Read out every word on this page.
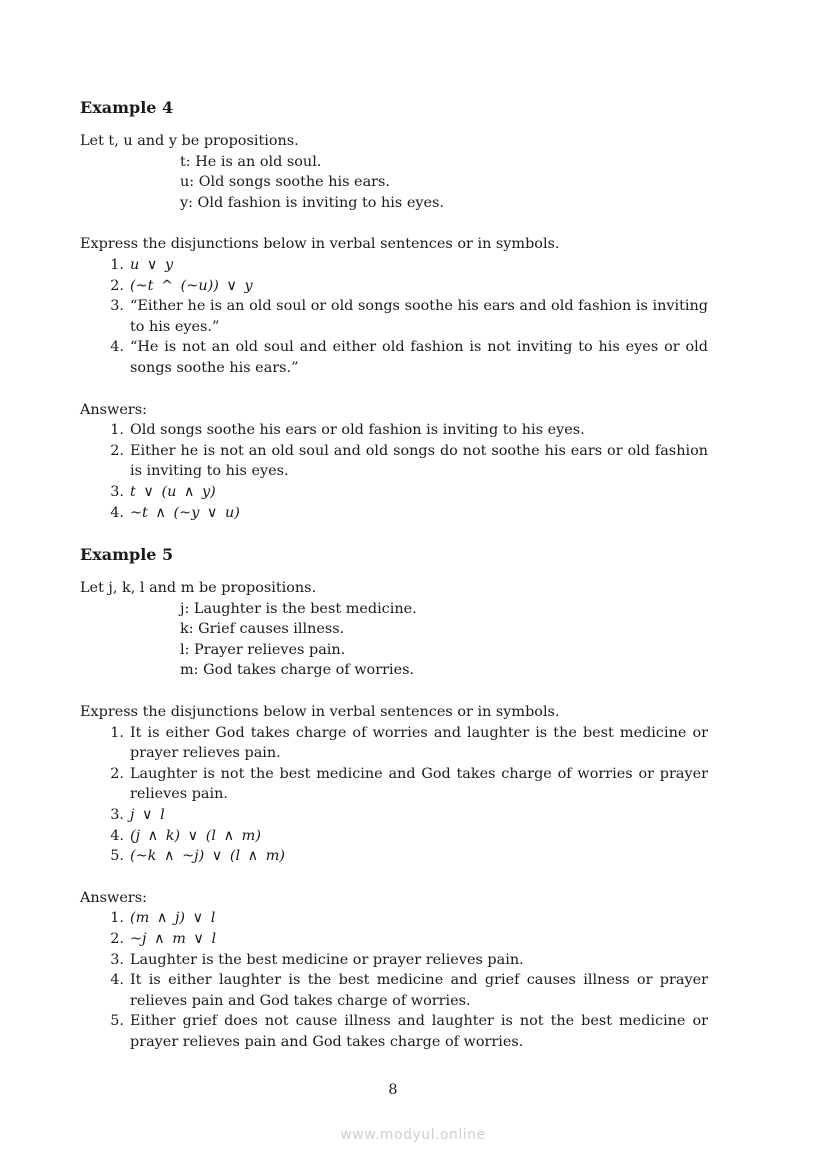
Example 4

Let t, u and y be propositions.

t: He is an old soul.

u: Old songs soothe his ears.

y: Old fashion is inviting to his eyes.

Express the disjunctions below in verbal sentences or in symbols.

1. u ∨ y
2. (~t ^ (~u)) ∨ y
3. “Either he is an old soul or old songs soothe his ears and old fashion is inviting to his eyes.”
4. “He is not an old soul and either old fashion is not inviting to his eyes or old songs soothe his ears.”

Answers:

1. Old songs soothe his ears or old fashion is inviting to his eyes.
2. Either he is not an old soul and old songs do not soothe his ears or old fashion is inviting to his eyes.
3. t ∨ (u ∧ y)
4. ~t ∧ (~y ∨ u)
Example 5

Let j, k, l and m be propositions.

j: Laughter is the best medicine.

k: Grief causes illness.

l: Prayer relieves pain.

m: God takes charge of worries.

Express the disjunctions below in verbal sentences or in symbols.

1. It is either God takes charge of worries and laughter is the best medicine or prayer relieves pain.
2. Laughter is not the best medicine and God takes charge of worries or prayer relieves pain.
3. j ∨ l
4. (j ∧ k) ∨ (l ∧ m)
5. (~k ∧ ~j) ∨ (l ∧ m)

Answers:

1. (m ∧ j) ∨ l
2. ~j ∧ m ∨ l
3. Laughter is the best medicine or prayer relieves pain.
4. It is either laughter is the best medicine and grief causes illness or prayer relieves pain and God takes charge of worries.
5. Either grief does not cause illness and laughter is not the best medicine or prayer relieves pain and God takes charge of worries.
8
www.modyul.online
